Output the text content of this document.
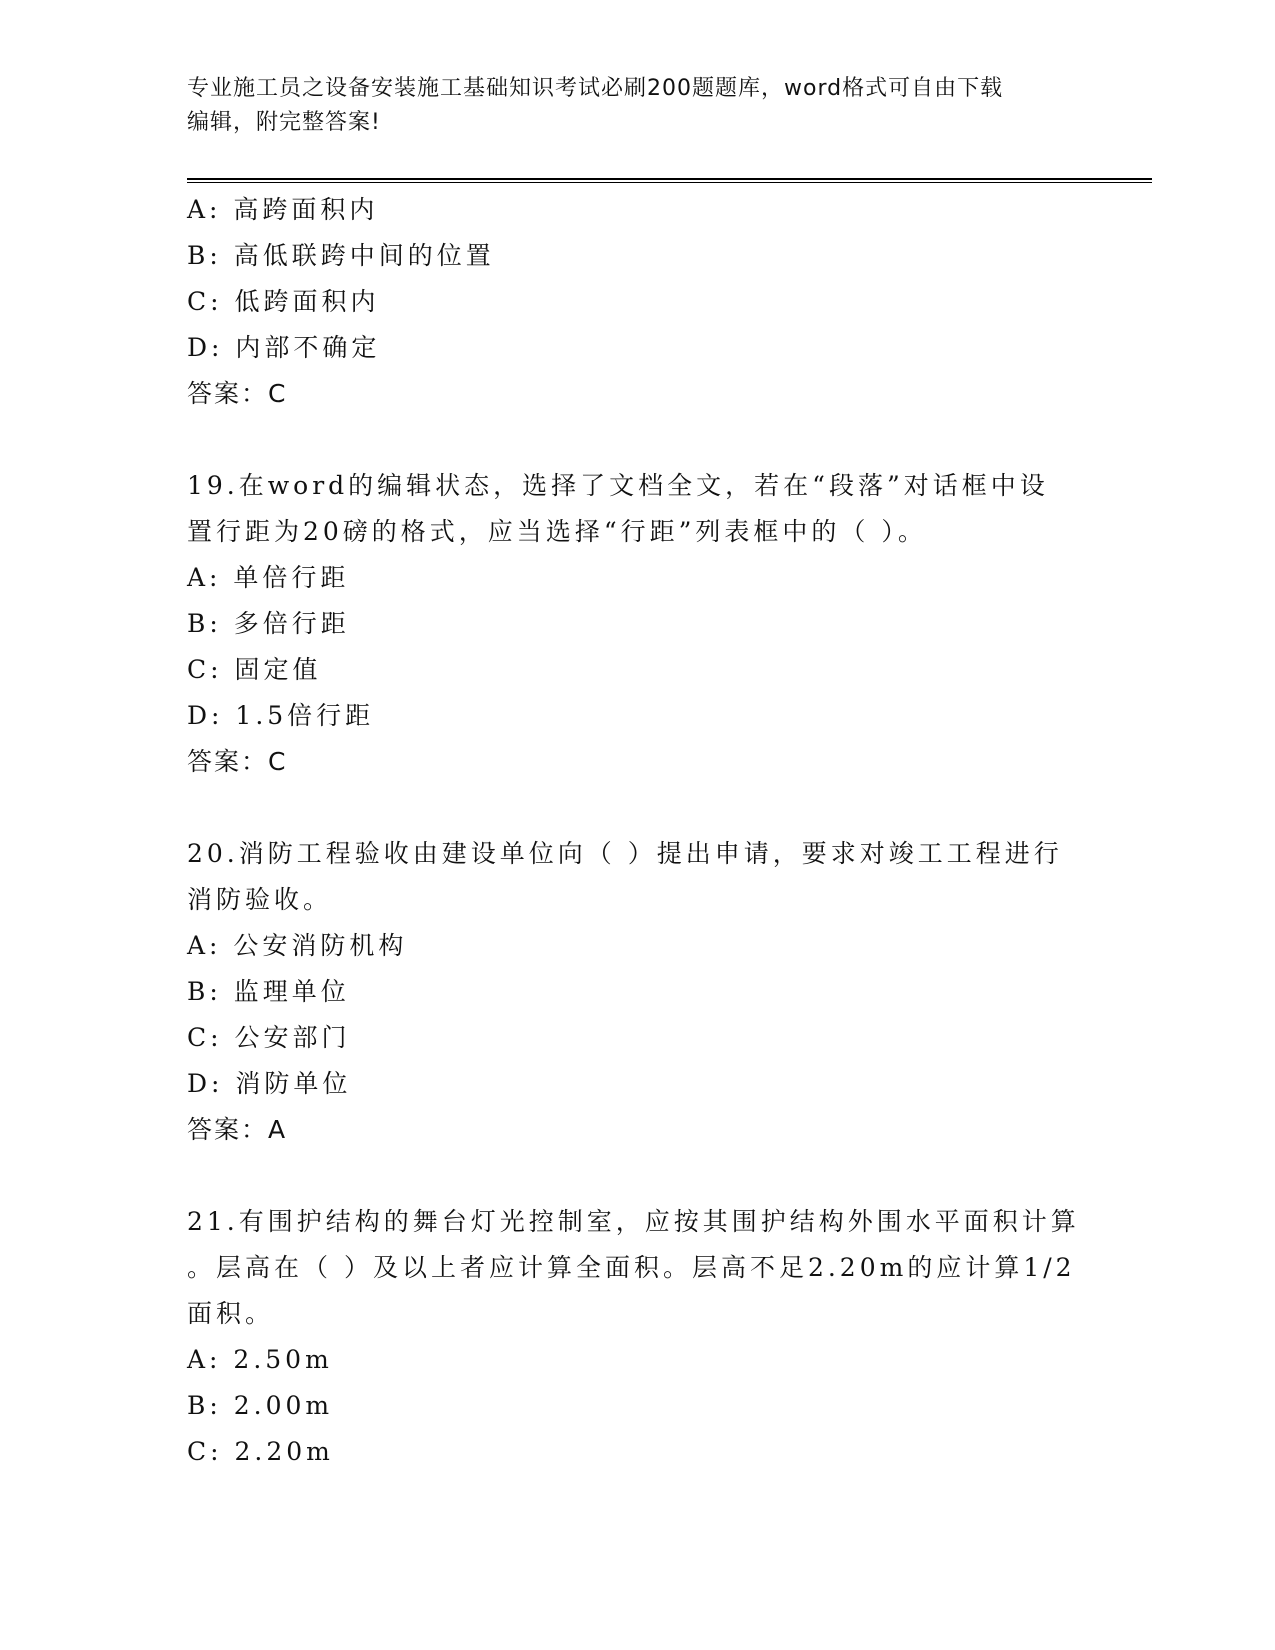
专业施工员之设备安装施工基础知识考试必刷200题题库，word格式可自由下载
编辑，附完整答案!
A: 高跨面积内
B: 高低联跨中间的位置
C: 低跨面积内
D: 内部不确定
答案：C
19.在word的编辑状态，选择了文档全文，若在“段落”对话框中设
置行距为20磅的格式，应当选择“行距”列表框中的（ ）。
A: 单倍行距
B: 多倍行距
C: 固定值
D: 1.5倍行距
答案：C
20.消防工程验收由建设单位向（ ）提出申请，要求对竣工工程进行
消防验收。
A: 公安消防机构
B: 监理单位
C: 公安部门
D: 消防单位
答案：A
21.有围护结构的舞台灯光控制室，应按其围护结构外围水平面积计算
。层高在（ ）及以上者应计算全面积。层高不足2.20m的应计算1/2
面积。
A: 2.50m
B: 2.00m
C: 2.20m
